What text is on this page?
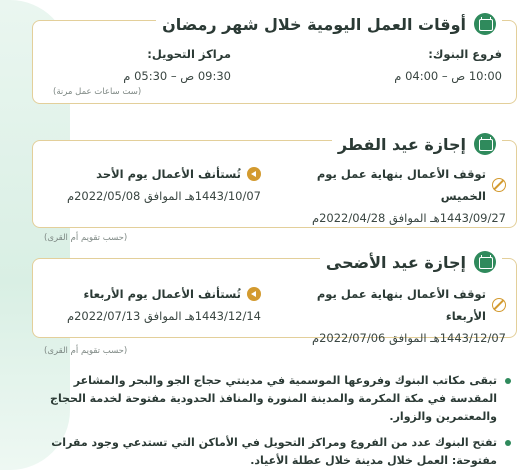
أوقات العمل اليومية خلال شهر رمضان
فروع البنوك:
10:00 ص – 04:00 م
مراكز التحويل:
09:30 ص – 05:30 م
(ست ساعات عمل مرنة)
إجازة عيد الفطر
توقف الأعمال بنهاية عمل يوم الخميس
1443/09/27هـ الموافق 2022/04/28م
تُستأنف الأعمال يوم الأحد
1443/10/07هـ الموافق 2022/05/08م
(حسب تقويم أم القرى)
إجازة عيد الأضحى
توقف الأعمال بنهاية عمل يوم الأربعاء
1443/12/07هـ الموافق 2022/07/06م
تُستأنف الأعمال يوم الأربعاء
1443/12/14هـ الموافق 2022/07/13م
(حسب تقويم أم القرى)
تبقى مكاتب البنوك وفروعها الموسمية في مدينتي حجاج الجو والبحر والمشاعر المقدسة في مكة المكرمة والمدينة المنورة والمنافذ الحدودية مفتوحة لخدمة الحجاج والمعتمرين والزوار.
تفتح البنوك عدد من الفروع ومراكز التحويل في الأماكن التي تستدعي وجود مقرات مفتوحة: العمل خلال مدينة خلال عطلة الأعياد.
